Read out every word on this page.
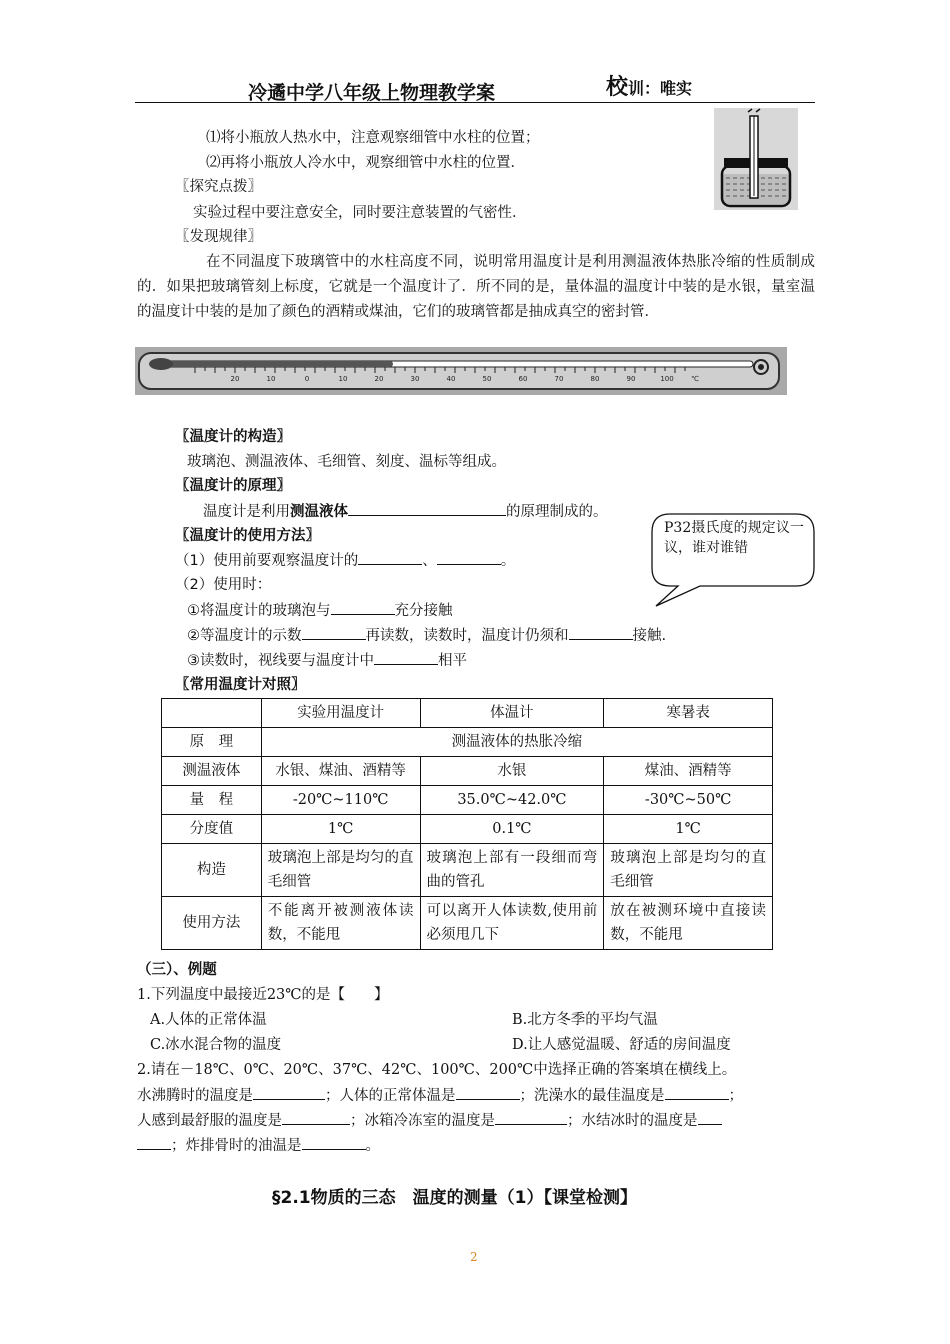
冷遹中学八年级上物理教学案	校训：唯实
⑴将小瓶放人热水中，注意观察细管中水柱的位置；
⑵再将小瓶放人冷水中，观察细管中水柱的位置．
〖探究点拨〗
实验过程中要注意安全，同时要注意装置的气密性．
〖发现规律〗
在不同温度下玻璃管中的水柱高度不同，说明常用温度计是利用测温液体热胀冷缩的性质制成的．如果把玻璃管刻上标度，它就是一个温度计了．所不同的是，量体温的温度计中装的是水银，量室温的温度计中装的是加了颜色的酒精或煤油，它们的玻璃管都是抽成真空的密封管．
20	10	0	10	20	30	40	50	60	70	80	90	100 ℃
〖温度计的构造〗
玻璃泡、测温液体、毛细管、刻度、温标等组成。
〖温度计的原理〗
温度计是利用测温液体	的原理制成的。
P32摄氏度的规定议一议，谁对谁错
〖温度计的使用方法〗
（1）使用前要观察温度计的	、	。
（2）使用时：
①将温度计的玻璃泡与	充分接触
②等温度计的示数	再读数，读数时，温度计仍须和	接触.
③读数时，视线要与温度计中	相平
〖常用温度计对照〗
	实验用温度计	体温计	寒暑表
原　理	测温液体的热胀冷缩		
测温液体	水银、煤油、酒精等	水银	煤油、酒精等
量　程	-20℃~110℃	35.0℃~42.0℃	-30℃~50℃
分度值	1℃	0.1℃	1℃
构造	玻璃泡上部是均匀的直毛细管	玻璃泡上部有一段细而弯曲的管孔	玻璃泡上部是均匀的直毛细管
使用方法	不能离开被测液体读数，不能甩	可以离开人体读数,使用前必须甩几下	放在被测环境中直接读数，不能甩
（三）、例题
1.下列温度中最接近23℃的是【　　】
A.人体的正常体温	B.北方冬季的平均气温
C.冰水混合物的温度	D.让人感觉温暖、舒适的房间温度
2.请在－18℃、0℃、20℃、37℃、42℃、100℃、200℃中选择正确的答案填在横线上。
水沸腾时的温度是	；人体的正常体温是	；洗澡水的最佳温度是	；
人感到最舒服的温度是	；冰箱冷冻室的温度是	；水结冰时的温度是
；炸排骨时的油温是	。
§2.1物质的三态　温度的测量（1）【课堂检测】
2
